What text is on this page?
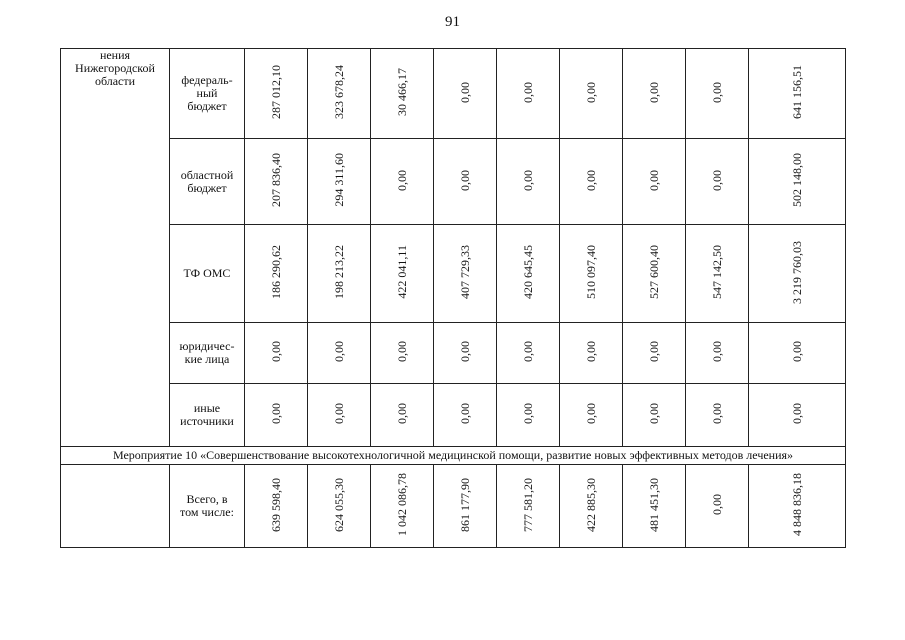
91
нения
Нижегородской
области	федераль-
ный
бюджет	287 012,10	323 678,24	30 466,17	0,00	0,00	0,00	0,00	0,00	641 156,51

	областной
бюджет	207 836,40	294 311,60	0,00	0,00	0,00	0,00	0,00	0,00	502 148,00

	ТФ ОМС	186 290,62	198 213,22	422 041,11	407 729,33	420 645,45	510 097,40	527 600,40	547 142,50	3 219 760,03

	юридичес-
кие лица	0,00	0,00	0,00	0,00	0,00	0,00	0,00	0,00	0,00

	иные
источники	0,00	0,00	0,00	0,00	0,00	0,00	0,00	0,00	0,00
Мероприятие 10 «Совершенствование высокотехнологичной медицинской помощи, развитие новых эффективных методов лечения»										

	Всего, в
том числе:	639 598,40	624 055,30	1 042 086,78	861 177,90	777 581,20	422 885,30	481 451,30	0,00	4 848 836,18
